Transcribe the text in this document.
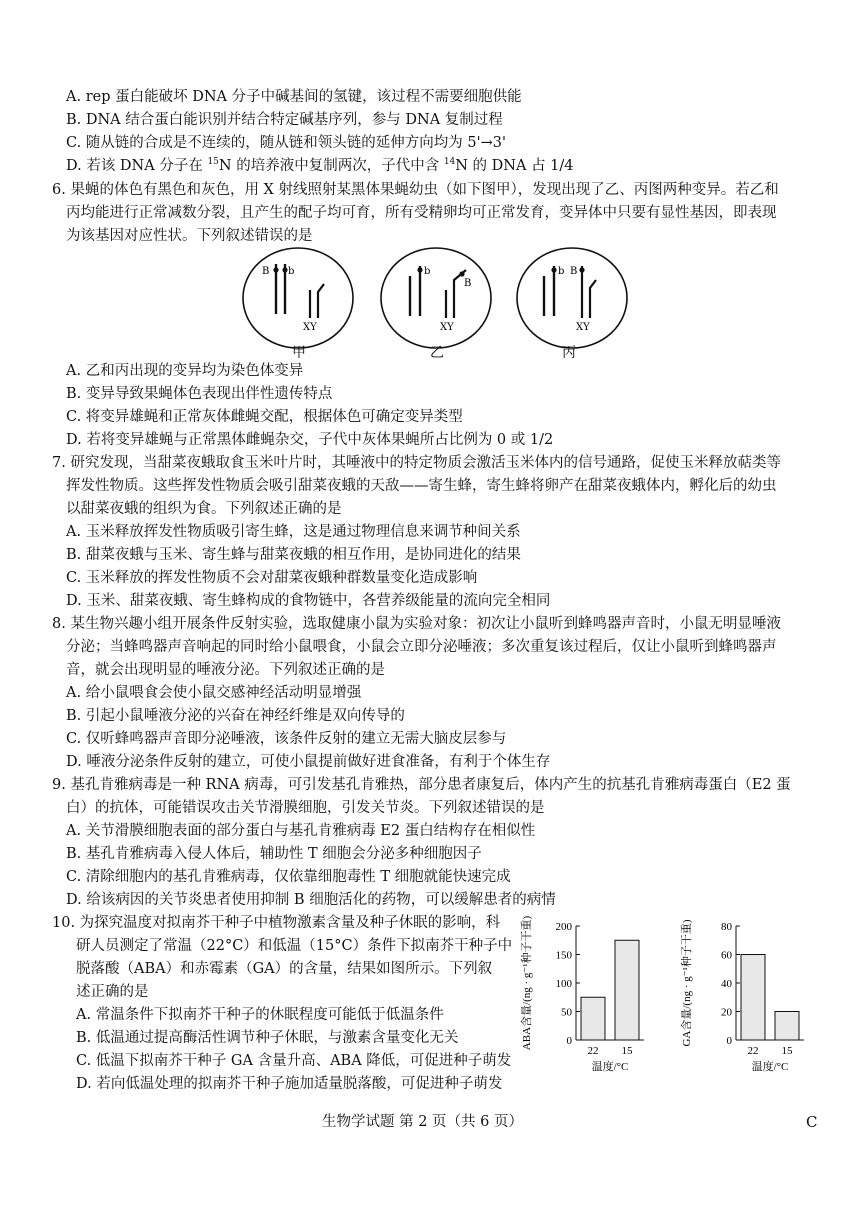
A. rep 蛋白能破坏 DNA 分子中碱基间的氢键，该过程不需要细胞供能
B. DNA 结合蛋白能识别并结合特定碱基序列，参与 DNA 复制过程
C. 随从链的合成是不连续的，随从链和领头链的延伸方向均为 5'→3'
D. 若该 DNA 分子在 $^{15}$N 的培养液中复制两次，子代中含 $^{14}$N 的 DNA 占 1/4
6. 果蝇的体色有黑色和灰色，用 X 射线照射某黑体果蝇幼虫（如下图甲），发现出现了乙、丙图两种变异。若乙和
丙均能进行正常减数分裂，且产生的配子均可育，所有受精卵均可正常发育，变异体中只要有显性基因，即表现
为该基因对应性状。下列叙述错误的是
B b
XY
b
B
XY
b B
XY
甲	乙	丙
A. 乙和丙出现的变异均为染色体变异
B. 变异导致果蝇体色表现出伴性遗传特点
C. 将变异雄蝇和正常灰体雌蝇交配，根据体色可确定变异类型
D. 若将变异雄蝇与正常黑体雌蝇杂交，子代中灰体果蝇所占比例为 0 或 1/2
7. 研究发现，当甜菜夜蛾取食玉米叶片时，其唾液中的特定物质会激活玉米体内的信号通路，促使玉米释放萜类等
挥发性物质。这些挥发性物质会吸引甜菜夜蛾的天敌——寄生蜂，寄生蜂将卵产在甜菜夜蛾体内，孵化后的幼虫
以甜菜夜蛾的组织为食。下列叙述正确的是
A. 玉米释放挥发性物质吸引寄生蜂，这是通过物理信息来调节种间关系
B. 甜菜夜蛾与玉米、寄生蜂与甜菜夜蛾的相互作用，是协同进化的结果
C. 玉米释放的挥发性物质不会对甜菜夜蛾种群数量变化造成影响
D. 玉米、甜菜夜蛾、寄生蜂构成的食物链中，各营养级能量的流向完全相同
8. 某生物兴趣小组开展条件反射实验，选取健康小鼠为实验对象：初次让小鼠听到蜂鸣器声音时，小鼠无明显唾液
分泌；当蜂鸣器声音响起的同时给小鼠喂食，小鼠会立即分泌唾液；多次重复该过程后，仅让小鼠听到蜂鸣器声
音，就会出现明显的唾液分泌。下列叙述正确的是
A. 给小鼠喂食会使小鼠交感神经活动明显增强
B. 引起小鼠唾液分泌的兴奋在神经纤维是双向传导的
C. 仅听蜂鸣器声音即分泌唾液，该条件反射的建立无需大脑皮层参与
D. 唾液分泌条件反射的建立，可使小鼠提前做好进食准备，有利于个体生存
9. 基孔肯雅病毒是一种 RNA 病毒，可引发基孔肯雅热，部分患者康复后，体内产生的抗基孔肯雅病毒蛋白（E2 蛋
白）的抗体，可能错误攻击关节滑膜细胞，引发关节炎。下列叙述错误的是
A. 关节滑膜细胞表面的部分蛋白与基孔肯雅病毒 E2 蛋白结构存在相似性
B. 基孔肯雅病毒入侵人体后，辅助性 T 细胞会分泌多种细胞因子
C. 清除细胞内的基孔肯雅病毒，仅依靠细胞毒性 T 细胞就能快速完成
D. 给该病因的关节炎患者使用抑制 B 细胞活化的药物，可以缓解患者的病情
10. 为探究温度对拟南芥干种子中植物激素含量及种子休眠的影响，科
研人员测定了常温（22°C）和低温（15°C）条件下拟南芥干种子中
脱落酸（ABA）和赤霉素（GA）的含量，结果如图所示。下列叙
述正确的是
A. 常温条件下拟南芥干种子的休眠程度可能低于低温条件
B. 低温通过提高酶活性调节种子休眠，与激素含量变化无关
C. 低温下拟南芥干种子 GA 含量升高、ABA 降低，可促进种子萌发
D. 若向低温处理的拟南芥干种子施加适量脱落酸，可促进种子萌发
ABA含量/(ng · g⁻¹种子干重)	0
50
100
150
200
22 15
温度/°C
GA含量/(ng · g⁻¹种子干重)	0
20
40
60
80
22 15
温度/°C
生物学试题 第 2 页（共 6 页）	C
